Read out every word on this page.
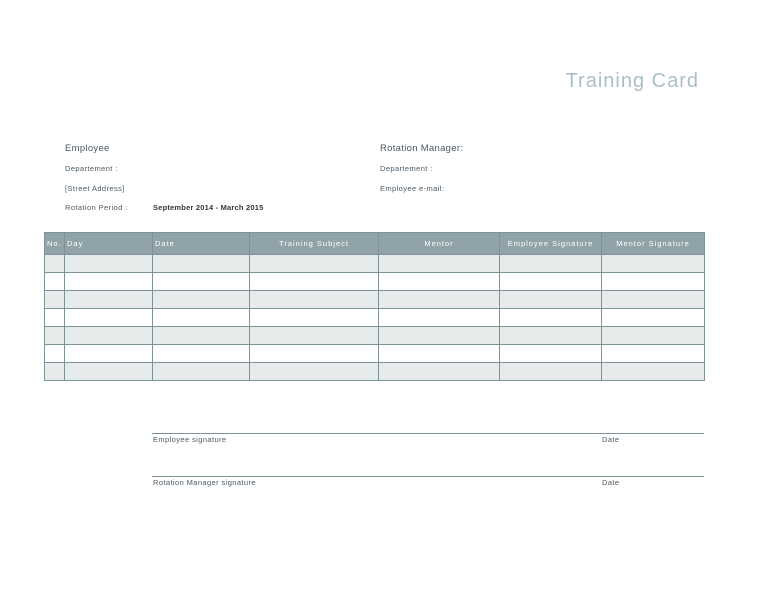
Training Card
Employee
Departement :
[Street Address]
Rotation Period :	September 2014 - March 2015
Rotation Manager:
Departement :
Employee e-mail:
No.	Day	Date	Training Subject	Mentor	Employee Signature	Mentor Signature

Employee signature	Date
Rotation Manager signature	Date
